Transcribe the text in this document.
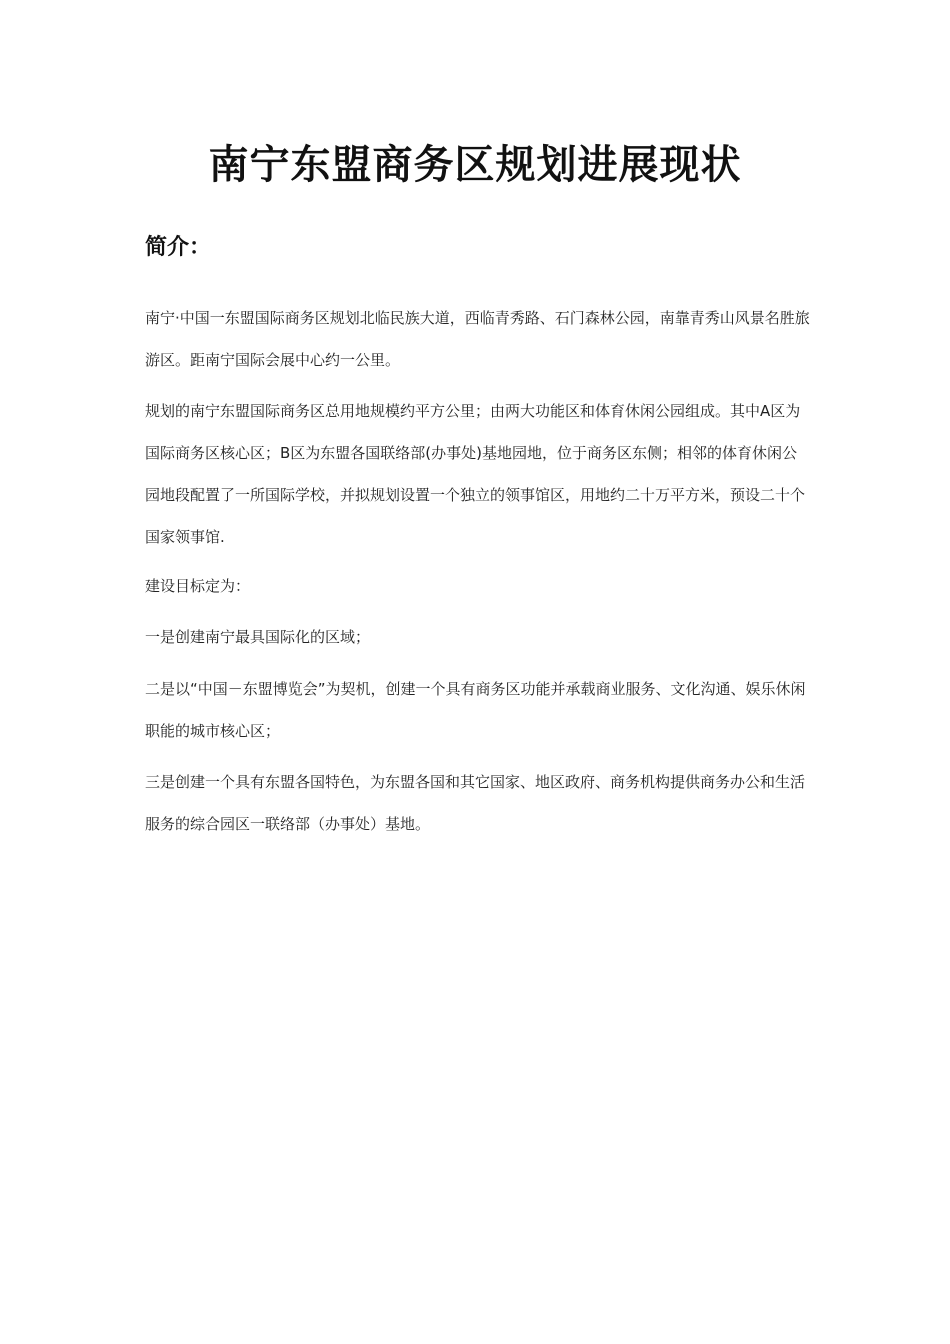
南宁东盟商务区规划进展现状
简介：
南宁·中国一东盟国际商务区规划北临民族大道，西临青秀路、石门森林公园，南靠青秀山风景名胜旅游区。距南宁国际会展中心约一公里。
规划的南宁东盟国际商务区总用地规模约平方公里；由两大功能区和体育休闲公园组成。其中A区为国际商务区核心区；B区为东盟各国联络部(办事处)基地园地，位于商务区东侧；相邻的体育休闲公园地段配置了一所国际学校，并拟规划设置一个独立的领事馆区，用地约二十万平方米，预设二十个国家领事馆.
建设目标定为：
一是创建南宁最具国际化的区域；
二是以“中国－东盟博览会”为契机，创建一个具有商务区功能并承载商业服务、文化沟通、娱乐休闲职能的城市核心区；
三是创建一个具有东盟各国特色，为东盟各国和其它国家、地区政府、商务机构提供商务办公和生活服务的综合园区一联络部（办事处）基地。
